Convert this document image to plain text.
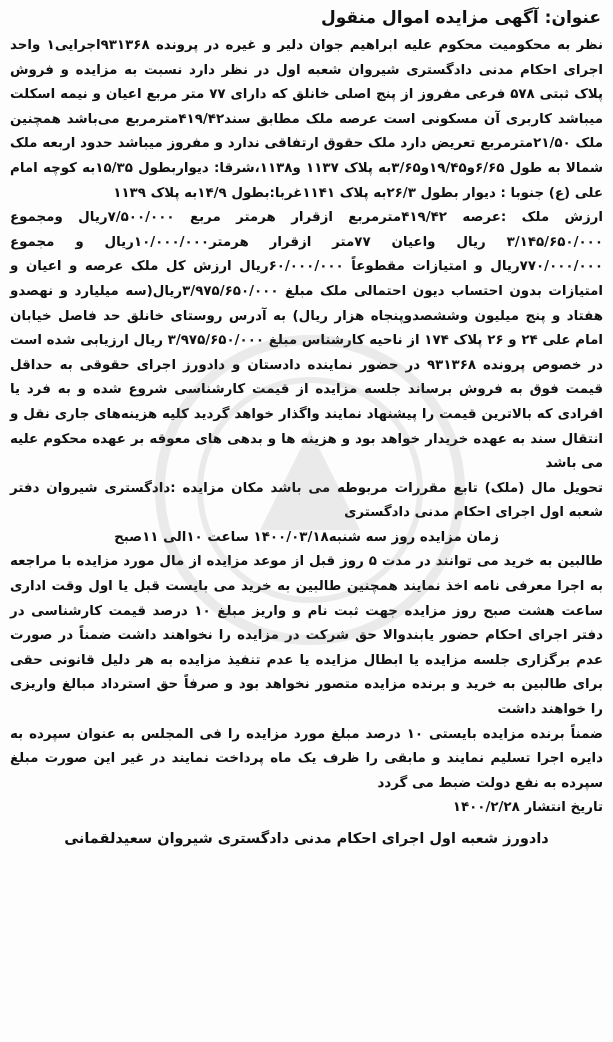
عنوان: آگهی مزایده اموال منقول

نظر به محکومیت محکوم علیه ابراهیم جوان دلیر و غیره در پرونده ۹۳۱۳۶۸اجرایی۱ واحد اجرای احکام مدنی دادگستری شیروان شعبه اول در نظر دارد نسبت به مزایده و فروش پلاک ثبتی ۵۷۸ فرعی مفروز از پنج اصلی خانلق که دارای ۷۷ متر مربع اعیان و نیمه اسکلت میباشد کاربری آن مسکونی است عرصه ملک مطابق سند۴۱۹/۴۲مترمربع می‌باشد همچنین ملک ۲۱/۵۰مترمربع تعریض دارد ملک حقوق ارتفاقی ندارد و مفروز میباشد حدود اربعه ملک شمالا به طول ۶/۶۵و۱۹/۴۵و۳/۶۵به پلاک ۱۱۳۷ و۱۱۳۸،شرقا: دیواربطول ۱۵/۳۵به کوچه امام علی (ع) جنوبا : دیوار بطول ۲۶/۳به پلاک ۱۱۴۱غربا:بطول ۱۴/۹به پلاک ۱۱۳۹

ارزش ملک :عرصه ۴۱۹/۴۲مترمربع ازقرار هرمتر مربع ۷/۵۰۰/۰۰۰ریال ومجموع ۳/۱۴۵/۶۵۰/۰۰۰ ریال واعیان ۷۷متر ازقرار هرمتر۱۰/۰۰۰/۰۰۰ریال و مجموع ۷۷۰/۰۰۰/۰۰۰ریال و امتیازات مقطوعاً ۶۰/۰۰۰/۰۰۰ریال ارزش کل ملک عرصه و اعیان و امتیازات بدون احتساب دیون احتمالی ملک مبلغ ۳/۹۷۵/۶۵۰/۰۰۰ریال(سه میلیارد و نهصدو هفتاد و پنج میلیون وششصدوپنجاه هزار ریال) به آدرس روستای خانلق حد فاصل خیابان امام علی ۲۴ و ۲۶ پلاک ۱۷۴ از ناحیه کارشناس مبلغ ۳/۹۷۵/۶۵۰/۰۰۰ ریال ارزیابی شده است در خصوص پرونده ۹۳۱۳۶۸ در حضور نماینده دادستان و دادورز اجرای حقوقی به حداقل قیمت فوق به فروش برساند جلسه مزایده از قیمت کارشناسی شروع شده و به فرد یا افرادی که بالاترین قیمت را پیشنهاد نمایند واگذار خواهد گردید کلیه هزینه‌های جاری نقل و انتقال سند به عهده خریدار خواهد بود و هزینه ها و بدهی های معوقه بر عهده محکوم علیه می باشد

تحویل مال (ملک) تابع مقررات مربوطه می باشد مکان مزایده :دادگستری شیروان دفتر شعبه اول اجرای احکام مدنی دادگستری

زمان مزایده روز سه شنبه۱۴۰۰/۰۳/۱۸ ساعت ۱۰الی ۱۱صبح

طالبین به خرید می توانند در مدت ۵ روز قبل از موعد مزایده از مال مورد مزایده با مراجعه به اجرا معرفی نامه اخذ نمایند همچنین طالبین به خرید می بایست قبل یا اول وقت اداری ساعت هشت صبح روز مزایده جهت ثبت نام و واریز مبلغ ۱۰ درصد قیمت کارشناسی در دفتر اجرای احکام حضور یابندوالا حق شرکت در مزایده را نخواهند داشت ضمناً در صورت عدم برگزاری جلسه مزایده یا ابطال مزایده یا عدم تنفیذ مزایده به هر دلیل قانونی حقی برای طالبین به خرید و برنده مزایده متصور نخواهد بود و صرفاً حق استرداد مبالغ واریزی را خواهند داشت

ضمناً برنده مزایده بایستی ۱۰ درصد مبلغ مورد مزایده را فی المجلس به عنوان سپرده به دایره اجرا تسلیم نمایند و مابقی را ظرف یک ماه پرداخت نمایند در غیر این صورت مبلغ سپرده به نفع دولت ضبط می گردد

تاریخ انتشار ۱۴۰۰/۲/۲۸

دادورز شعبه اول اجرای احکام مدنی دادگستری شیروان سعیدلقمانی
